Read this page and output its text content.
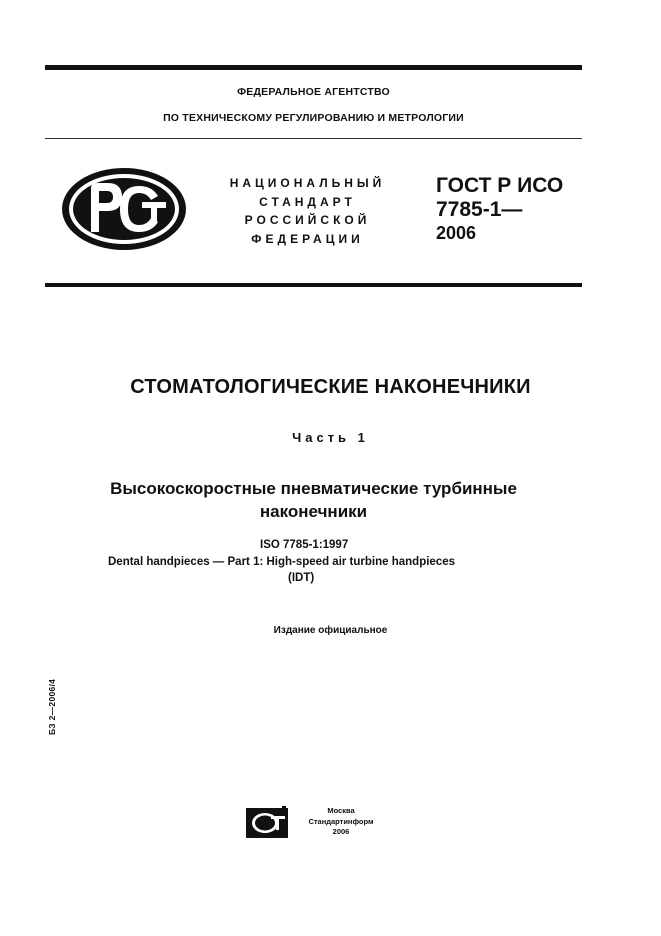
ФЕДЕРАЛЬНОЕ АГЕНТСТВО
ПО ТЕХНИЧЕСКОМУ РЕГУЛИРОВАНИЮ И МЕТРОЛОГИИ
НАЦИОНАЛЬНЫЙ
СТАНДАРТ
РОССИЙСКОЙ
ФЕДЕРАЦИИ
ГОСТ Р ИСО
7785-1—
2006
СТОМАТОЛОГИЧЕСКИЕ НАКОНЕЧНИКИ
Часть 1
Высокоскоростные пневматические турбинные
наконечники
ISO 7785-1:1997
Dental handpieces — Part 1: High-speed air turbine handpieces
(IDT)
Издание официальное
БЗ 2—2006/4
Москва
Стандартинформ
2006
